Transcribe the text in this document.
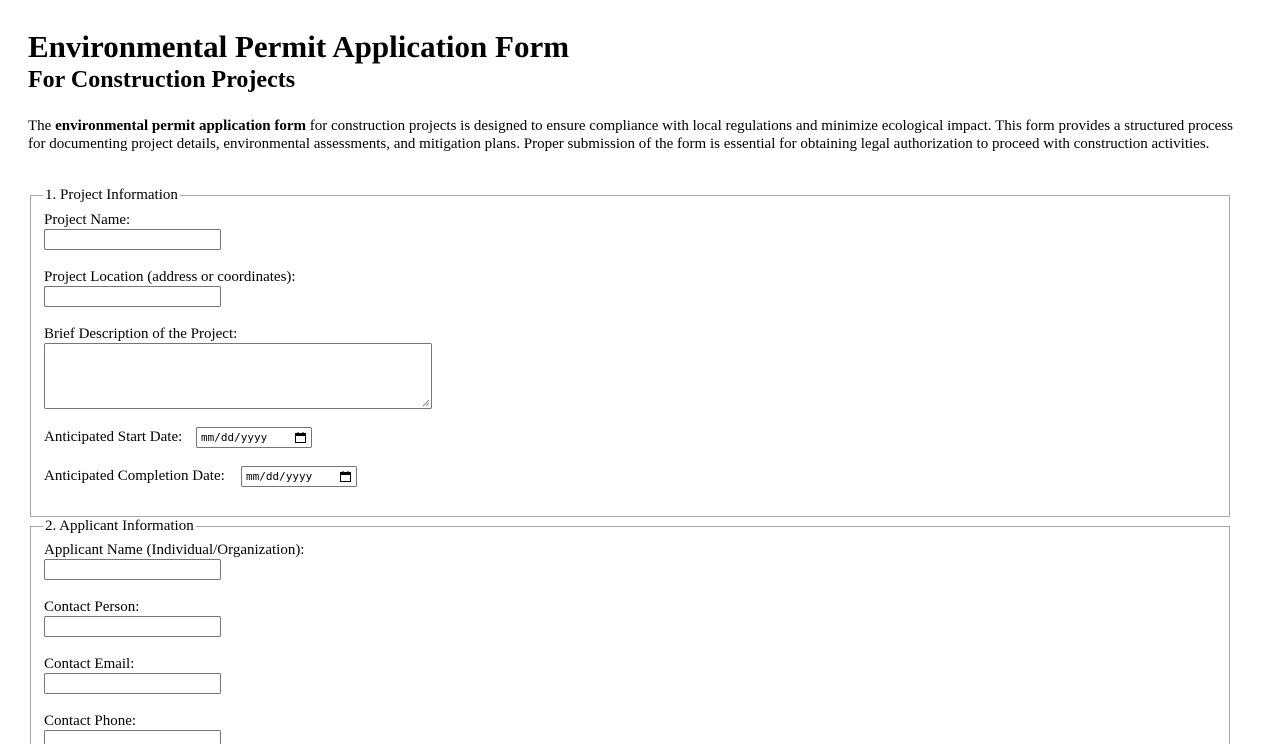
Environmental Permit Application Form
For Construction Projects

The environmental permit application form for construction projects is designed to ensure compliance with local regulations and minimize ecological impact. This form provides a structured process for documenting project details, environmental assessments, and mitigation plans. Proper submission of the form is essential for obtaining legal authorization to proceed with construction activities.

1. Project Information
Project Name:
Project Location (address or coordinates):
Brief Description of the Project:
Anticipated Start Date: mm/dd/yyyy
Anticipated Completion Date: mm/dd/yyyy
2. Applicant Information
Applicant Name (Individual/Organization):
Contact Person:
Contact Email:
Contact Phone:
